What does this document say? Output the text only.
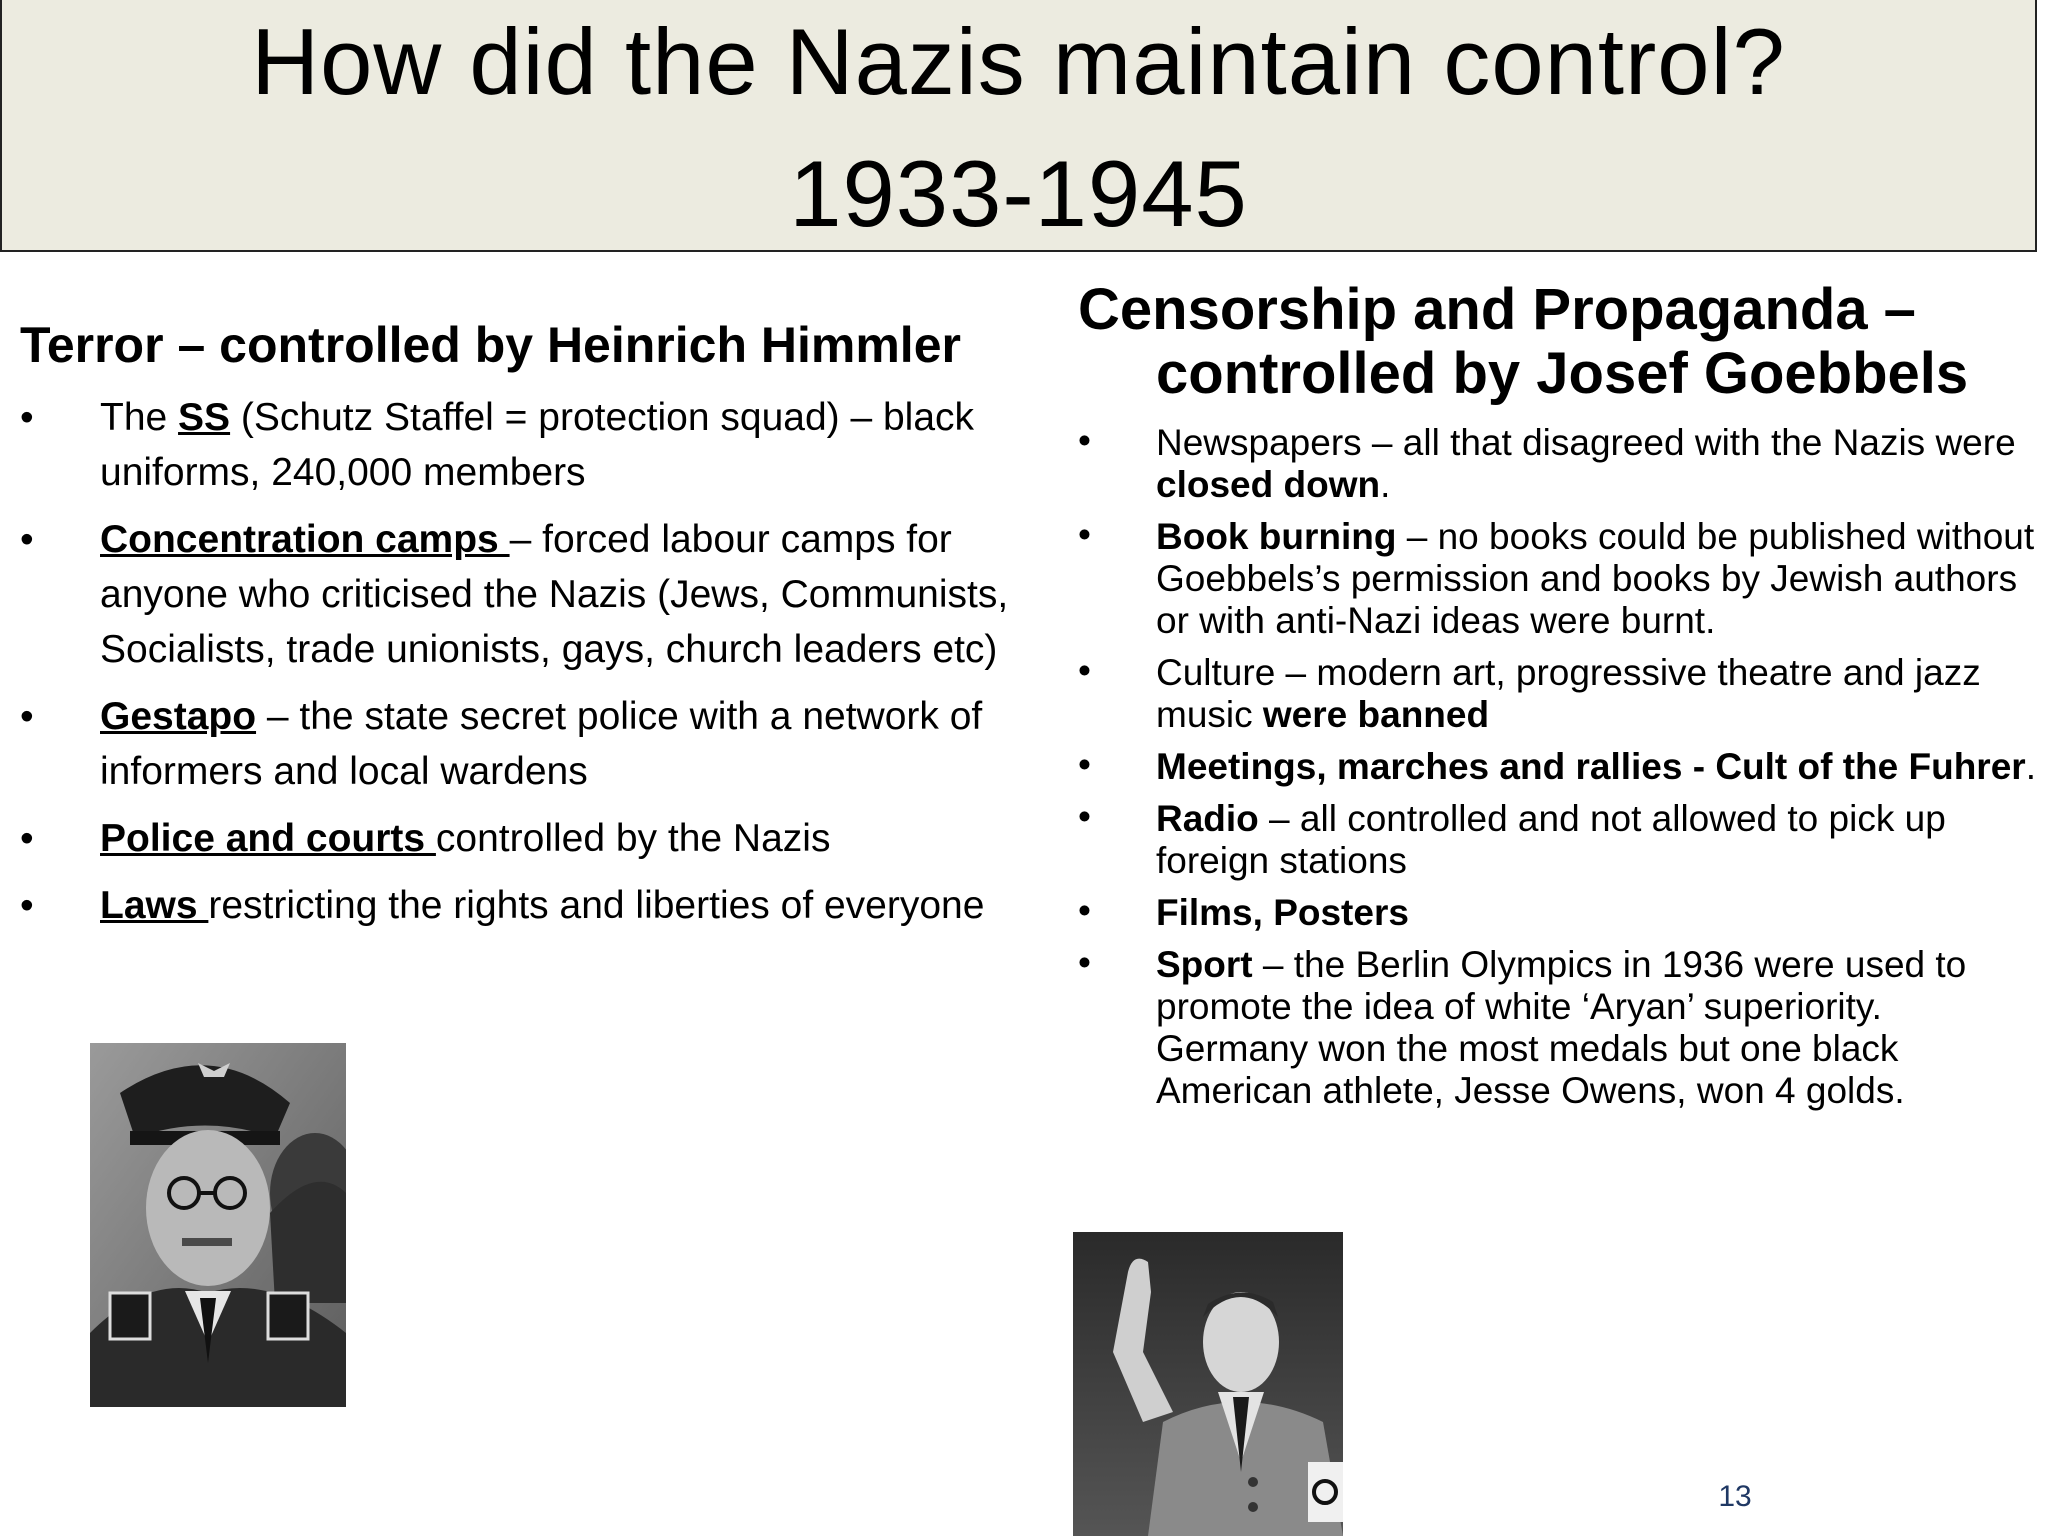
How did the Nazis maintain control?
1933-1945
Terror – controlled by Heinrich Himmler
• The SS (Schutz Staffel = protection squad) – black uniforms, 240,000 members
• Concentration camps – forced labour camps for anyone who criticised the Nazis (Jews, Communists, Socialists, trade unionists, gays, church leaders etc)
• Gestapo – the state secret police with a network of informers and local wardens
• Police and courts controlled by the Nazis
• Laws restricting the rights and liberties of everyone
Censorship and Propaganda –
controlled by Josef Goebbels
• Newspapers – all that disagreed with the Nazis were closed down.
• Book burning – no books could be published without Goebbels’s permission and books by Jewish authors or with anti-Nazi ideas were burnt.
• Culture – modern art, progressive theatre and jazz music were banned
• Meetings, marches and rallies - Cult of the Fuhrer.
• Radio – all controlled and not allowed to pick up foreign stations
• Films, Posters
• Sport – the Berlin Olympics in 1936 were used to promote the idea of white ‘Aryan’ superiority. Germany won the most medals but one black American athlete, Jesse Owens, won 4 golds.
13
